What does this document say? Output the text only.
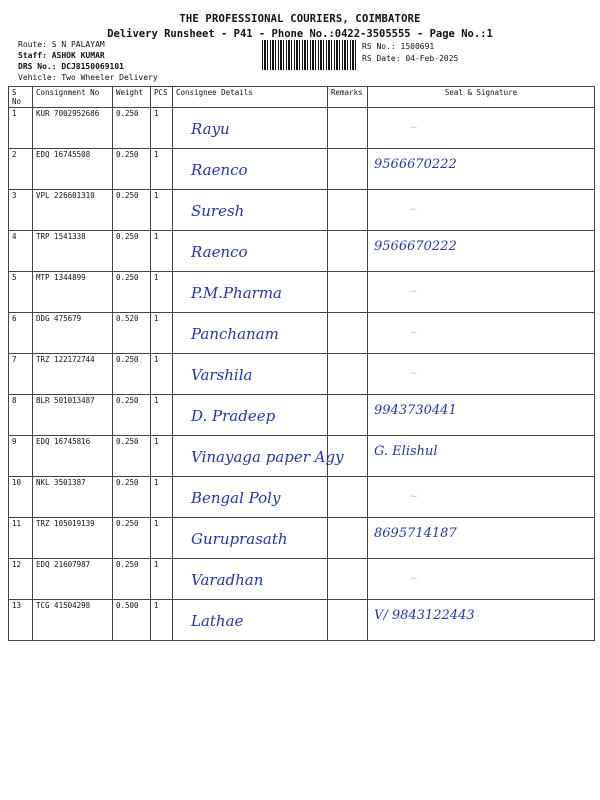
THE PROFESSIONAL COURIERS, COIMBATORE
Delivery Runsheet - P41 - Phone No.:0422-3505555 - Page No.:1
Route: S N PALAYAM
Staff: ASHOK KUMAR
DRS No.: DCJ8150069101
Vehicle: Two Wheeler Delivery
RS No.: 1500691
RS Date: 04-Feb-2025
S No	Consignment No	Weight	PCS	Consignee Details	Remarks	Seal & Signature
1	KUR 7002952686	0.250	1	Rayu		∼

2	EDQ 16745508	0.250	1	Raenco		9566670222

3	VPL 226601310	0.250	1	Suresh		∼

4	TRP 1541338	0.250	1	Raenco		9566670222

5	MTP 1344899	0.250	1	P.M.Pharma		∼

6	DDG 475679	0.520	1	Panchanam		∼

7	TRZ 122172744	0.250	1	Varshila		∼

8	BLR 501013487	0.250	1	D. Pradeep		9943730441

9	EDQ 16745816	0.250	1	Vinayaga paper Agy		G. Elishul

10	NKL 3501387	0.250	1	Bengal Poly		∼

11	TRZ 105019139	0.250	1	Guruprasath		8695714187

12	EDQ 21607987	0.250	1	Varadhan		∼

13	TCG 41504298	0.500	1	Lathae		V/ 9843122443
